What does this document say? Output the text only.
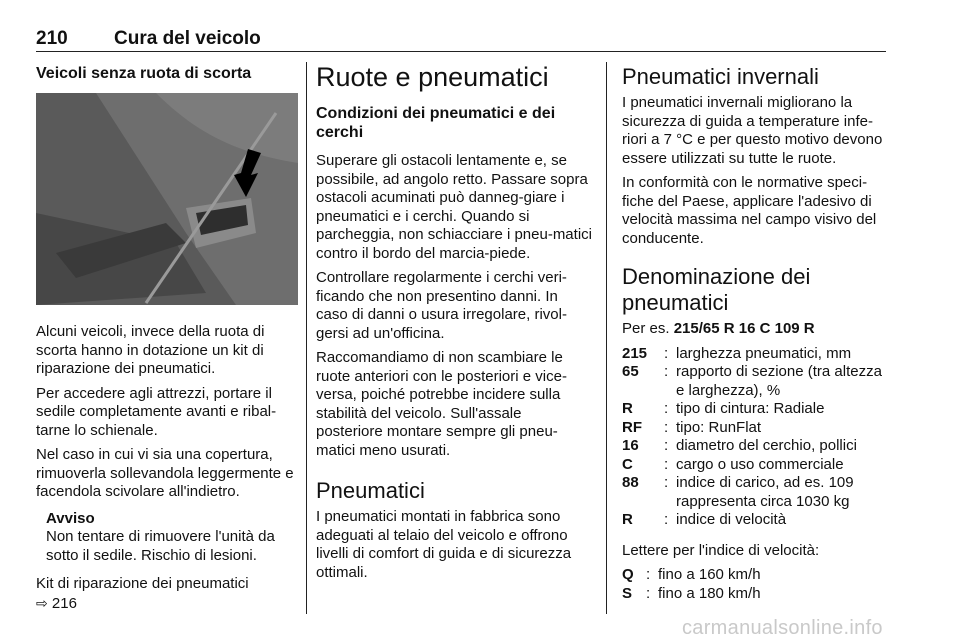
210 Cura del veicolo
Veicoli senza ruota di scorta

Alcuni veicoli, invece della ruota di scorta hanno in dotazione un kit di riparazione dei pneumatici.

Per accedere agli attrezzi, portare il sedile completamente avanti e ribal-tarne lo schienale.

Nel caso in cui vi sia una copertura, rimuoverla sollevandola leggermente e facendola scivolare all'indietro.

Avviso
Non tentare di rimuovere l'unità da sotto il sedile. Rischio di lesioni.
Kit di riparazione dei pneumatici
⇨ 216
Ruote e pneumatici
Condizioni dei pneumatici e dei cerchi

Superare gli ostacoli lentamente e, se possibile, ad angolo retto. Passare sopra ostacoli acuminati può danneg-giare i pneumatici e i cerchi. Quando si parcheggia, non schiacciare i pneu-matici contro il bordo del marcia-piede.

Controllare regolarmente i cerchi veri-ficando che non presentino danni. In caso di danni o usura irregolare, rivol-gersi ad un'officina.

Raccomandiamo di non scambiare le ruote anteriori con le posteriori e vice-versa, poiché potrebbe incidere sulla stabilità del veicolo. Sull'assale posteriore montare sempre gli pneu-matici meno usurati.

Pneumatici

I pneumatici montati in fabbrica sono adeguati al telaio del veicolo e offrono livelli di comfort di guida e di sicurezza ottimali.

Pneumatici invernali

I pneumatici invernali migliorano la sicurezza di guida a temperature infe-riori a 7 °C e per questo motivo devono essere utilizzati su tutte le ruote.

In conformità con le normative speci-fiche del Paese, applicare l'adesivo di velocità massima nel campo visivo del conducente.

Denominazione dei pneumatici
Per es. 215/65 R 16 C 109 R
215	: larghezza pneumatici, mm
65	: rapporto di sezione (tra altezza e larghezza), %
R	: tipo di cintura: Radiale
RF	: tipo: RunFlat
16	: diametro del cerchio, pollici
C	: cargo o uso commerciale
88	: indice di carico, ad es. 109 rappresenta circa 1030 kg
R	: indice di velocità

Lettere per l'indice di velocità:

Q : fino a 160 km/h
S : fino a 180 km/h
carmanualsonline.info
